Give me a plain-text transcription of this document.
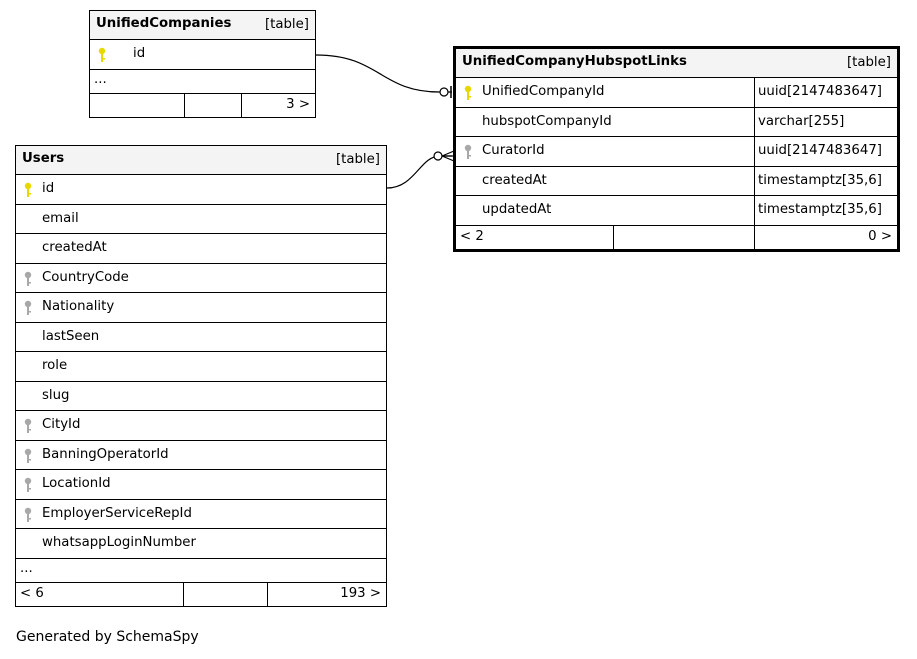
UnifiedCompanies	[table]
id
...
3 >
UnifiedCompanyHubspotLinks	[table]
UnifiedCompanyId	uuid[2147483647]
hubspotCompanyId	varchar[255]
CuratorId	uuid[2147483647]
createdAt	timestamptz[35,6]
updatedAt	timestamptz[35,6]
< 2	0 >
Users	[table]
id
email
createdAt
CountryCode
Nationality
lastSeen
role
slug
CityId
BanningOperatorId
LocationId
EmployerServiceRepId
whatsappLoginNumber
...
< 6	193 >
Generated by SchemaSpy
